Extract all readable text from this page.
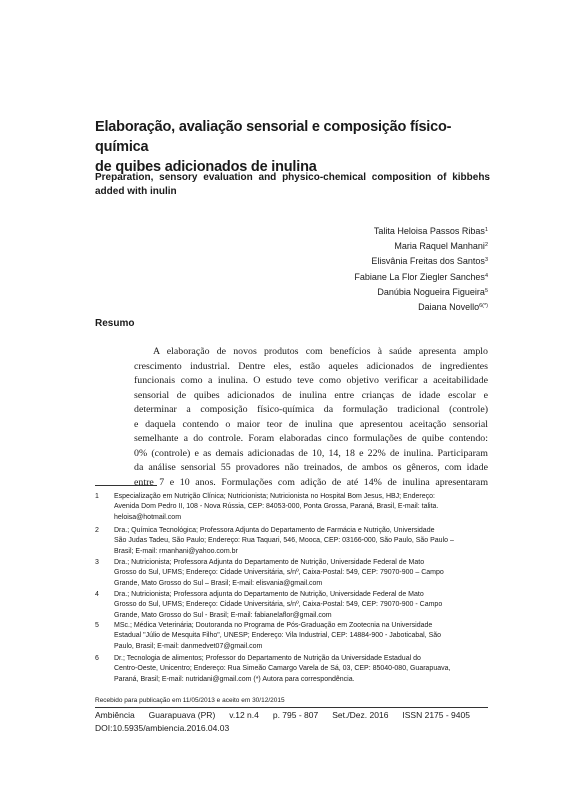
Elaboração, avaliação sensorial e composição físico-química
de quibes adicionados de inulina
Preparation, sensory evaluation and physico-chemical composition of kibbehs added with inulin
Talita Heloisa Passos Ribas$^1$
Maria Raquel Manhani$^2$
Elisvânia Freitas dos Santos$^3$
Fabiane La Flor Ziegler Sanches$^4$
Danúbia Nogueira Figueira$^5$
Daiana Novello$^{6(*)}$
Resumo
A elaboração de novos produtos com benefícios à saúde apresenta amplo
crescimento industrial. Dentre eles, estão aqueles adicionados de ingredientes
funcionais como a inulina. O estudo teve como objetivo verificar a aceitabilidade
sensorial de quibes adicionados de inulina entre crianças de idade escolar e
determinar a composição físico-química da formulação tradicional (controle)
e daquela contendo o maior teor de inulina que apresentou aceitação sensorial
semelhante a do controle. Foram elaboradas cinco formulações de quibe contendo:
0% (controle) e as demais adicionadas de 10, 14, 18 e 22% de inulina. Participaram
da análise sensorial 55 provadores não treinados, de ambos os gêneros, com idade
entre 7 e 10 anos. Formulações com adição de até 14% de inulina apresentaram
1 Especialização em Nutrição Clínica; Nutricionista; Nutricionista no Hospital Bom Jesus, HBJ; Endereço:
Avenida Dom Pedro II, 108 - Nova Rússia, CEP: 84053-000, Ponta Grossa, Paraná, Brasil, E-mail: talita.
heloisa@hotmail.com
2 Dra.; Química Tecnológica; Professora Adjunta do Departamento de Farmácia e Nutrição, Universidade
São Judas Tadeu, São Paulo; Endereço: Rua Taquari, 546, Mooca, CEP: 03166-000, São Paulo, São Paulo –
Brasil; E-mail: rmanhani@yahoo.com.br
3 Dra.; Nutricionista; Professora Adjunta do Departamento de Nutrição, Universidade Federal de Mato
Grosso do Sul, UFMS; Endereço: Cidade Universitária, s/nº, Caixa-Postal: 549, CEP: 79070-900 – Campo
Grande, Mato Grosso do Sul – Brasil; E-mail: elisvania@gmail.com
4 Dra.; Nutricionista; Professora adjunta do Departamento de Nutrição, Universidade Federal de Mato
Grosso do Sul, UFMS; Endereço: Cidade Universitária, s/nº, Caixa-Postal: 549, CEP: 79070-900 - Campo
Grande, Mato Grosso do Sul - Brasil; E-mail: fabianelaflor@gmail.com
5 MSc.; Médica Veterinária; Doutoranda no Programa de Pós-Graduação em Zootecnia na Universidade
Estadual "Júlio de Mesquita Filho", UNESP; Endereço: Vila Industrial, CEP: 14884-900 - Jaboticabal, São
Paulo, Brasil; E-mail: danmedvet07@gmail.com
6 Dr.; Tecnologia de alimentos; Professor do Departamento de Nutrição da Universidade Estadual do
Centro-Oeste, Unicentro; Endereço: Rua Simeão Camargo Varela de Sá, 03, CEP: 85040-080, Guarapuava,
Paraná, Brasil; E-mail: nutridani@gmail.com (*) Autora para correspondência.
Recebido para publicação em 11/05/2013 e aceito em 30/12/2015
Ambiência Guarapuava (PR) v.12 n.4 p. 795 - 807 Set./Dez. 2016 ISSN 2175 - 9405
DOI:10.5935/ambiencia.2016.04.03
